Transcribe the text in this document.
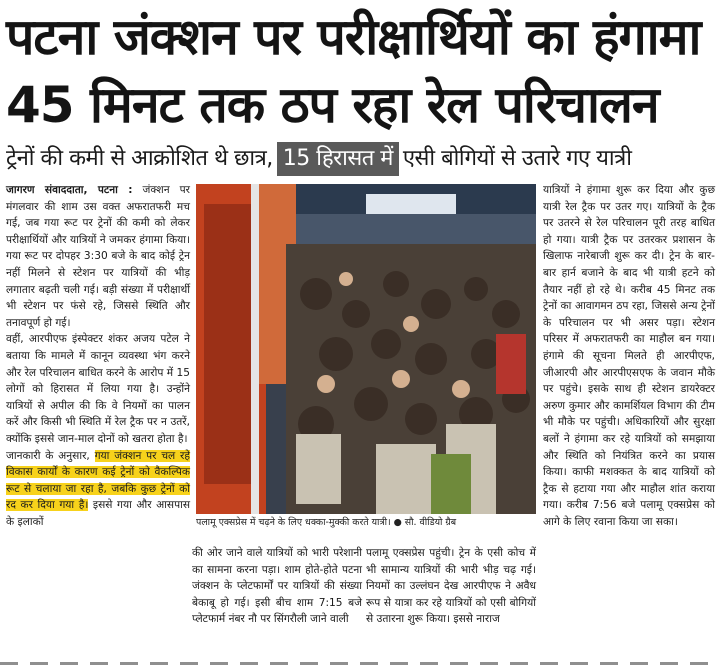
पटना जंक्शन पर परीक्षार्थियों का हंगामा
45 मिनट तक ठप रहा रेल परिचालन
ट्रेनों की कमी से आक्रोशित थे छात्र, 15 हिरासत में एसी बोगियों से उतारे गए यात्री

जागरण संवाददाता, पटना : जंक्शन पर मंगलवार की शाम उस वक्त अफरातफरी मच गई, जब गया रूट पर ट्रेनों की कमी को लेकर परीक्षार्थियों और यात्रियों ने जमकर हंगामा किया। गया रूट पर दोपहर 3:30 बजे के बाद कोई ट्रेन नहीं मिलने से स्टेशन पर यात्रियों की भीड़ लगातार बढ़ती चली गई। बड़ी संख्या में परीक्षार्थी भी स्टेशन पर फंसे रहे, जिससे स्थिति और तनावपूर्ण हो गई।

वहीं, आरपीएफ इंस्पेक्टर शंकर अजय पटेल ने बताया कि मामले में कानून व्यवस्था भंग करने और रेल परिचालन बाधित करने के आरोप में 15 लोगों को हिरासत में लिया गया है। उन्होंने यात्रियों से अपील की कि वे नियमों का पालन करें और किसी भी स्थिति में रेल ट्रैक पर न उतरें, क्योंकि इससे जान-माल दोनों को खतरा होता है।

जानकारी के अनुसार, गया जंक्शन पर चल रहे विकास कार्यों के कारण कई ट्रेनों को वैकल्पिक रूट से चलाया जा रहा है, जबकि कुछ ट्रेनों को रद कर दिया गया है। इससे गया और आसपास के इलाकों	पलामू एक्सप्रेस में चढ़ने के लिए धक्का-मुक्की करते यात्री। ● सौ. वीडियो ग्रैब

की ओर जाने वाले यात्रियों को भारी परेशानी का सामना करना पड़ा। शाम होते-होते पटना जंक्शन के प्लेटफार्मों पर यात्रियों की संख्या बेकाबू हो गई। इसी बीच शाम 7:15 बजे प्लेटफार्म नंबर नौ पर सिंगरौली जाने वाली

पलामू एक्सप्रेस पहुंची। ट्रेन के एसी कोच में भी सामान्य यात्रियों की भारी भीड़ चढ़ गई। नियमों का उल्लंघन देख आरपीएफ ने अवैध रूप से यात्रा कर रहे यात्रियों को एसी बोगियों से उतारना शुरू किया। इससे नाराज

यात्रियों ने हंगामा शुरू कर दिया और कुछ यात्री रेल ट्रैक पर उतर गए। यात्रियों के ट्रैक पर उतरने से रेल परिचालन पूरी तरह बाधित हो गया। यात्री ट्रैक पर उतरकर प्रशासन के खिलाफ नारेबाजी शुरू कर दी। ट्रेन के बार-बार हार्न बजाने के बाद भी यात्री हटने को तैयार नहीं हो रहे थे। करीब 45 मिनट तक ट्रेनों का आवागमन ठप रहा, जिससे अन्य ट्रेनों के परिचालन पर भी असर पड़ा। स्टेशन परिसर में अफरातफरी का माहौल बन गया। हंगामे की सूचना मिलते ही आरपीएफ, जीआरपी और आरपीएसएफ के जवान मौके पर पहुंचे। इसके साथ ही स्टेशन डायरेक्टर अरुण कुमार और कामर्शियल विभाग की टीम भी मौके पर पहुंची। अधिकारियों और सुरक्षा बलों ने हंगामा कर रहे यात्रियों को समझाया और स्थिति को नियंत्रित करने का प्रयास किया। काफी मशक्कत के बाद यात्रियों को ट्रैक से हटाया गया और माहौल शांत कराया गया। करीब 7:56 बजे पलामू एक्सप्रेस को आगे के लिए रवाना किया जा सका।
